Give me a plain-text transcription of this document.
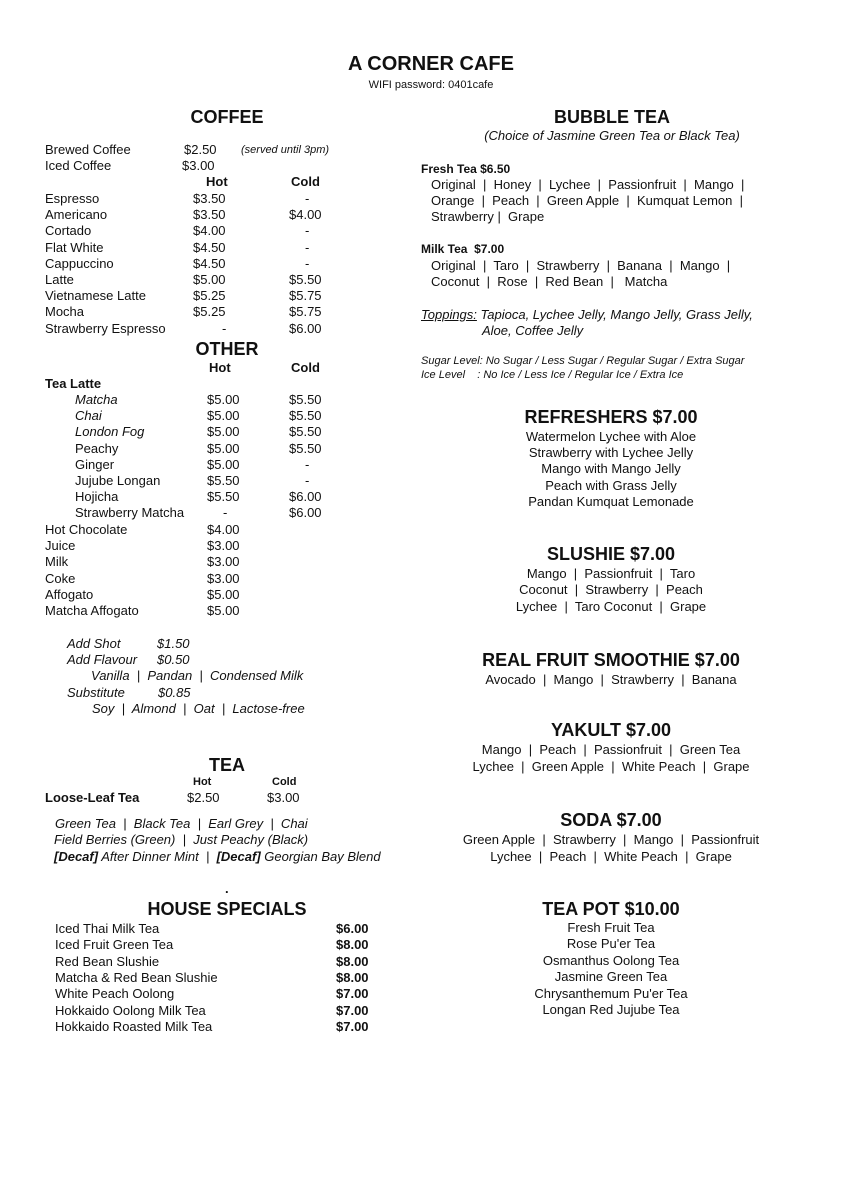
A CORNER CAFE
WIFI password: 0401cafe
COFFEE
Brewed Coffee	$2.50 (served until 3pm)
Iced Coffee	$3.00
Hot	Cold
Espresso	$3.50	-
Americano	$3.50	$4.00
Cortado	$4.00	-
Flat White	$4.50	-
Cappuccino	$4.50	-
Latte	$5.00	$5.50
Vietnamese Latte	$5.25	$5.75
Mocha	$5.25	$5.75
Strawberry Espresso	-	$6.00
OTHER
Hot	Cold
Tea Latte
Matcha	$5.00	$5.50
Chai	$5.00	$5.50
London Fog	$5.00	$5.50
Peachy	$5.00	$5.50
Ginger	$5.00	-
Jujube Longan	$5.50	-
Hojicha	$5.50	$6.00
Strawberry Matcha	-	$6.00
Hot Chocolate	$4.00
Juice	$3.00
Milk	$3.00
Coke	$3.00
Affogato	$5.00
Matcha Affogato	$5.00
Add Shot	$1.50
Add Flavour $0.50
Vanilla  |  Pandan  |  Condensed Milk
Substitute	$0.85
Soy  |  Almond  |  Oat  |  Lactose-free
TEA
Hot	Cold
Loose-Leaf Tea	$2.50	$3.00
Green Tea  |  Black Tea  |  Earl Grey  |  Chai
Field Berries (Green)  |  Just Peachy (Black)
[Decaf] After Dinner Mint  |  [Decaf] Georgian Bay Blend
.
HOUSE SPECIALS
Iced Thai Milk Tea	$6.00
Iced Fruit Green Tea	$8.00
Red Bean Slushie	$8.00
Matcha & Red Bean Slushie	$8.00
White Peach Oolong	$7.00
Hokkaido Oolong Milk Tea	$7.00
Hokkaido Roasted Milk Tea	$7.00
BUBBLE TEA
(Choice of Jasmine Green Tea or Black Tea)
Fresh Tea $6.50
Original  |  Honey  |  Lychee  |  Passionfruit  |  Mango  |
Orange  |  Peach  |  Green Apple  |  Kumquat Lemon  |
Strawberry |  Grape
Milk Tea  $7.00
Original  |  Taro  |  Strawberry  |  Banana  |  Mango  |
Coconut  |  Rose  |  Red Bean  |   Matcha
Toppings: Tapioca, Lychee Jelly, Mango Jelly, Grass Jelly,
Aloe, Coffee Jelly
Sugar Level: No Sugar / Less Sugar / Regular Sugar / Extra Sugar
Ice Level    : No Ice / Less Ice / Regular Ice / Extra Ice
REFRESHERS $7.00
Watermelon Lychee with Aloe
Strawberry with Lychee Jelly
Mango with Mango Jelly
Peach with Grass Jelly
Pandan Kumquat Lemonade
SLUSHIE $7.00
Mango  |  Passionfruit  |  Taro
Coconut  |  Strawberry  |  Peach
Lychee  |  Taro Coconut  |  Grape
REAL FRUIT SMOOTHIE $7.00
Avocado  |  Mango  |  Strawberry  |  Banana
YAKULT $7.00
Mango  |  Peach  |  Passionfruit  |  Green Tea
Lychee  |  Green Apple  |  White Peach  |  Grape
SODA $7.00
Green Apple  |  Strawberry  |  Mango  |  Passionfruit
Lychee  |  Peach  |  White Peach  |  Grape
TEA POT $10.00
Fresh Fruit Tea
Rose Pu'er Tea
Osmanthus Oolong Tea
Jasmine Green Tea
Chrysanthemum Pu'er Tea
Longan Red Jujube Tea
